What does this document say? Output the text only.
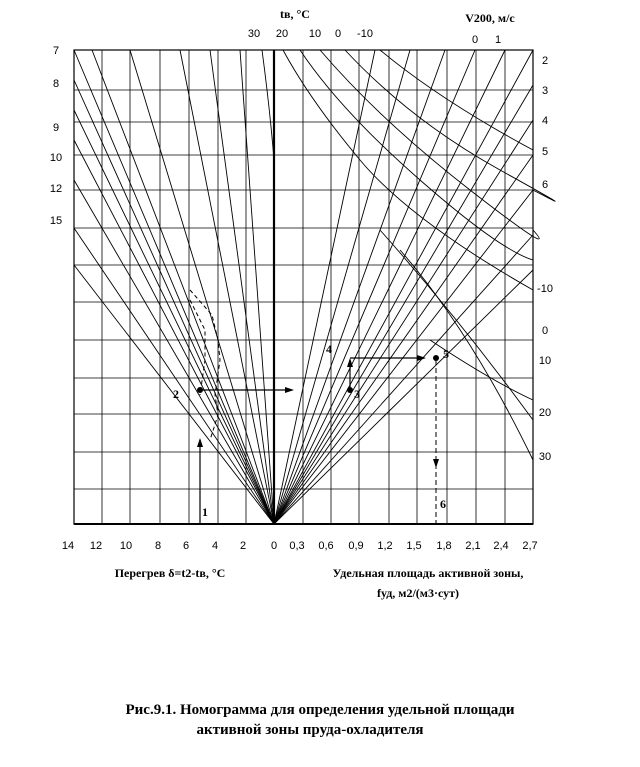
1
2	3
4	5
6
30 20 10 0 -10	0 1
7
8
9
10
12
15
2
3
4
5
6
-10
0
10
20
30
14 12 10 8 6 4 2 0 0,3 0,6 0,9 1,2 1,5 1,8 2,1 2,4 2,7
tв, °C	V200, м/с
Перегрев δ=t2-tв, °C	Удельная площадь активной зоны,
fуд, м2/(м3·сут)
Рис.9.1. Номограмма для определения удельной площади
активной зоны пруда-охладителя
